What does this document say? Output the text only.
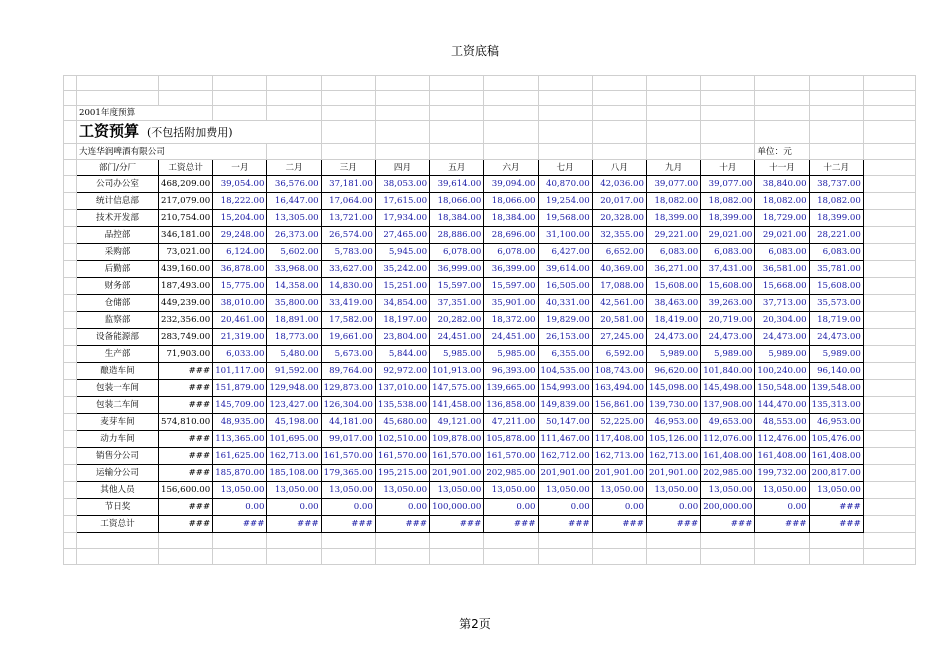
工资底稿

	2001年度预算														
	工资预算 (不包括附加费用)														
	大连华润啤酒有限公司												单位：元		
	部门/分厂	工资总计	一月	二月	三月	四月	五月	六月	七月	八月	九月	十月	十一月	十二月	
	公司办公室	468,209.00	39,054.00	36,576.00	37,181.00	38,053.00	39,614.00	39,094.00	40,870.00	42,036.00	39,077.00	39,077.00	38,840.00	38,737.00	
	统计信息部	217,079.00	18,222.00	16,447.00	17,064.00	17,615.00	18,066.00	18,066.00	19,254.00	20,017.00	18,082.00	18,082.00	18,082.00	18,082.00	
	技术开发部	210,754.00	15,204.00	13,305.00	13,721.00	17,934.00	18,384.00	18,384.00	19,568.00	20,328.00	18,399.00	18,399.00	18,729.00	18,399.00	
	品控部	346,181.00	29,248.00	26,373.00	26,574.00	27,465.00	28,886.00	28,696.00	31,100.00	32,355.00	29,221.00	29,021.00	29,021.00	28,221.00	
	采购部	73,021.00	6,124.00	5,602.00	5,783.00	5,945.00	6,078.00	6,078.00	6,427.00	6,652.00	6,083.00	6,083.00	6,083.00	6,083.00	
	后勤部	439,160.00	36,878.00	33,968.00	33,627.00	35,242.00	36,999.00	36,399.00	39,614.00	40,369.00	36,271.00	37,431.00	36,581.00	35,781.00	
	财务部	187,493.00	15,775.00	14,358.00	14,830.00	15,251.00	15,597.00	15,597.00	16,505.00	17,088.00	15,608.00	15,608.00	15,668.00	15,608.00	
	仓储部	449,239.00	38,010.00	35,800.00	33,419.00	34,854.00	37,351.00	35,901.00	40,331.00	42,561.00	38,463.00	39,263.00	37,713.00	35,573.00	
	监察部	232,356.00	20,461.00	18,891.00	17,582.00	18,197.00	20,282.00	18,372.00	19,829.00	20,581.00	18,419.00	20,719.00	20,304.00	18,719.00	
	设备能源部	283,749.00	21,319.00	18,773.00	19,661.00	23,804.00	24,451.00	24,451.00	26,153.00	27,245.00	24,473.00	24,473.00	24,473.00	24,473.00	
	生产部	71,903.00	6,033.00	5,480.00	5,673.00	5,844.00	5,985.00	5,985.00	6,355.00	6,592.00	5,989.00	5,989.00	5,989.00	5,989.00	
	酿造车间	###	101,117.00	91,592.00	89,764.00	92,972.00	101,913.00	96,393.00	104,535.00	108,743.00	96,620.00	101,840.00	100,240.00	96,140.00	
	包装一车间	###	151,879.00	129,948.00	129,873.00	137,010.00	147,575.00	139,665.00	154,993.00	163,494.00	145,098.00	145,498.00	150,548.00	139,548.00	
	包装二车间	###	145,709.00	123,427.00	126,304.00	135,538.00	141,458.00	136,858.00	149,839.00	156,861.00	139,730.00	137,908.00	144,470.00	135,313.00	
	麦芽车间	574,810.00	48,935.00	45,198.00	44,181.00	45,680.00	49,121.00	47,211.00	50,147.00	52,225.00	46,953.00	49,653.00	48,553.00	46,953.00	
	动力车间	###	113,365.00	101,695.00	99,017.00	102,510.00	109,878.00	105,878.00	111,467.00	117,408.00	105,126.00	112,076.00	112,476.00	105,476.00	
	销售分公司	###	161,625.00	162,713.00	161,570.00	161,570.00	161,570.00	161,570.00	162,712.00	162,713.00	162,713.00	161,408.00	161,408.00	161,408.00	
	运输分公司	###	185,870.00	185,108.00	179,365.00	195,215.00	201,901.00	202,985.00	201,901.00	201,901.00	201,901.00	202,985.00	199,732.00	200,817.00	
	其他人员	156,600.00	13,050.00	13,050.00	13,050.00	13,050.00	13,050.00	13,050.00	13,050.00	13,050.00	13,050.00	13,050.00	13,050.00	13,050.00	
	节日奖	###	0.00	0.00	0.00	0.00	100,000.00	0.00	0.00	0.00	0.00	200,000.00	0.00	###	
	工资总计	###	###	###	###	###	###	###	###	###	###	###	###	###	

第2页
